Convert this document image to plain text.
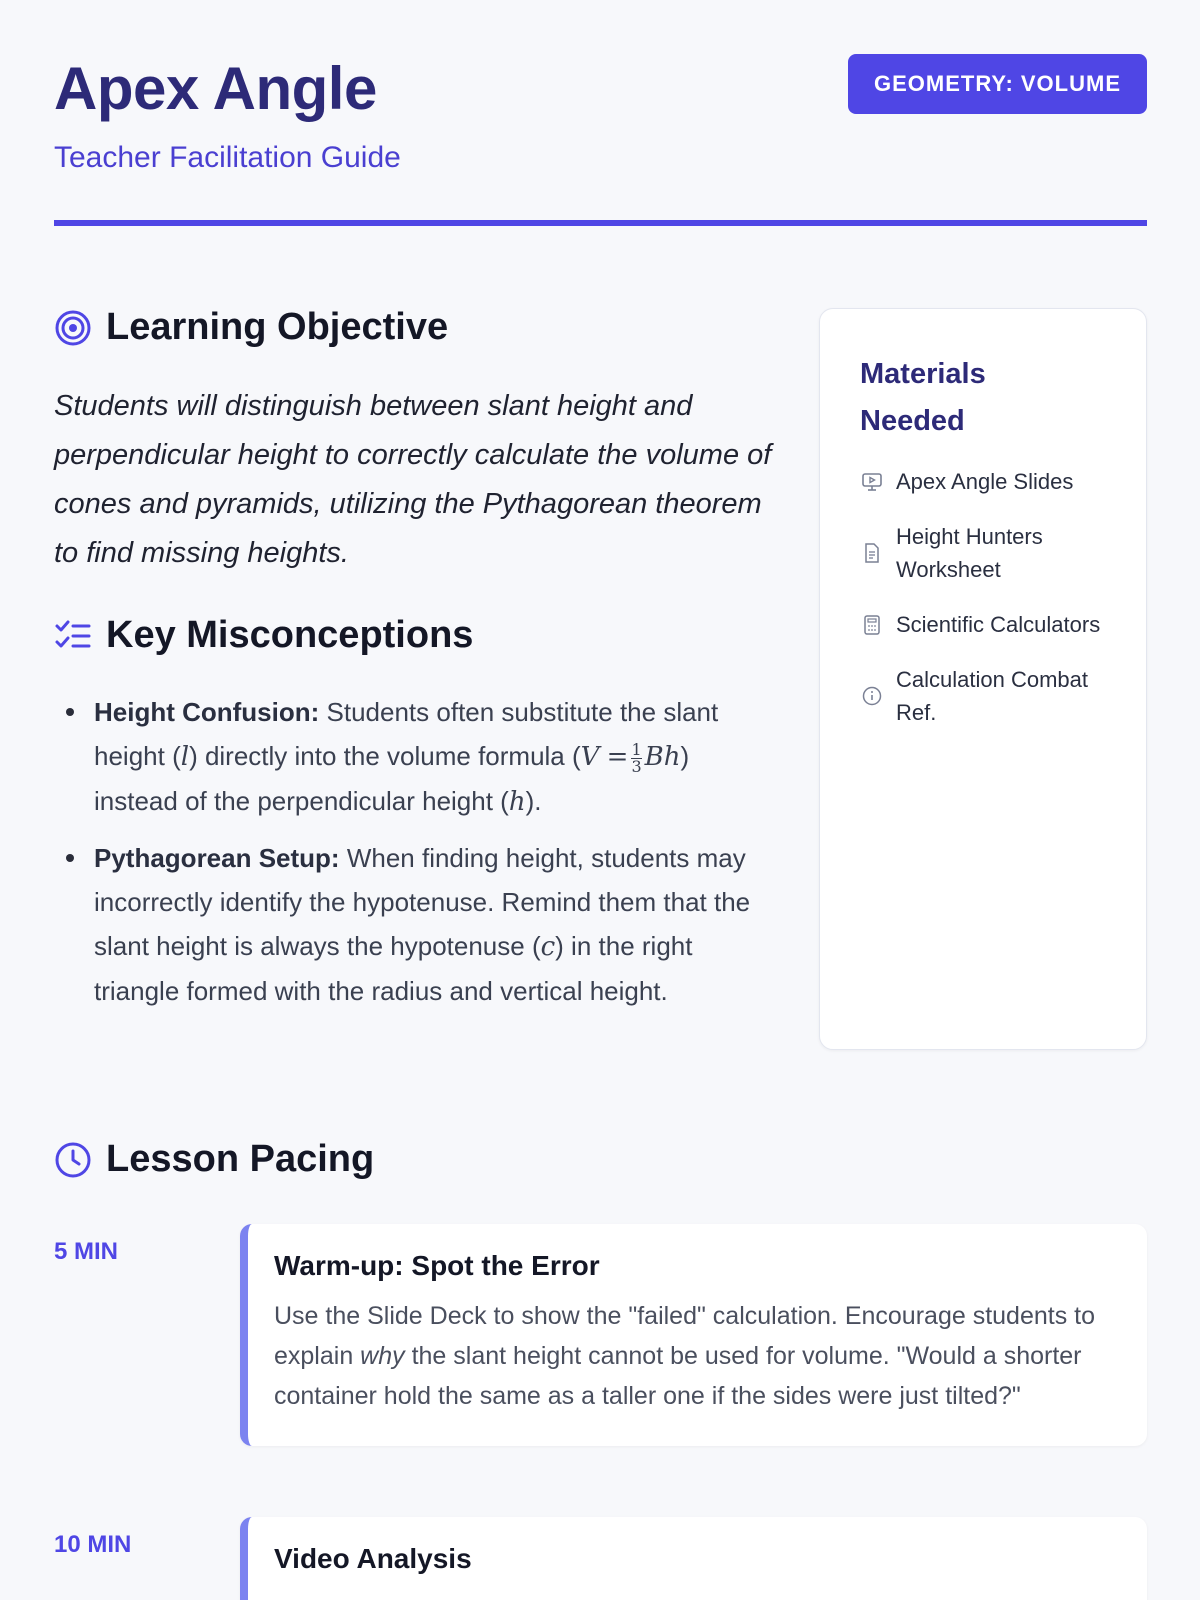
Apex Angle
Teacher Facilitation Guide
GEOMETRY: VOLUME
Learning Objective
Students will distinguish between slant height and perpendicular height to correctly calculate the volume of cones and pyramids, utilizing the Pythagorean theorem to find missing heights.
Key Misconceptions
Height Confusion: Students often substitute the slant height (l) directly into the volume formula $(V = \frac{1}{3} Bh)$ instead of the perpendicular height (h).
Pythagorean Setup: When finding height, students may incorrectly identify the hypotenuse. Remind them that the slant height is always the hypotenuse (c) in the right triangle formed with the radius and vertical height.
Materials Needed
Apex Angle Slides
Height Hunters Worksheet
Scientific Calculators
Calculation Combat Ref.
Lesson Pacing
5 MIN	Warm-up: Spot the Error

Use the Slide Deck to show the "failed" calculation. Encourage students to explain why the slant height cannot be used for volume. "Would a shorter container hold the same as a taller one if the sides were just tilted?"

10 MIN	Video Analysis
